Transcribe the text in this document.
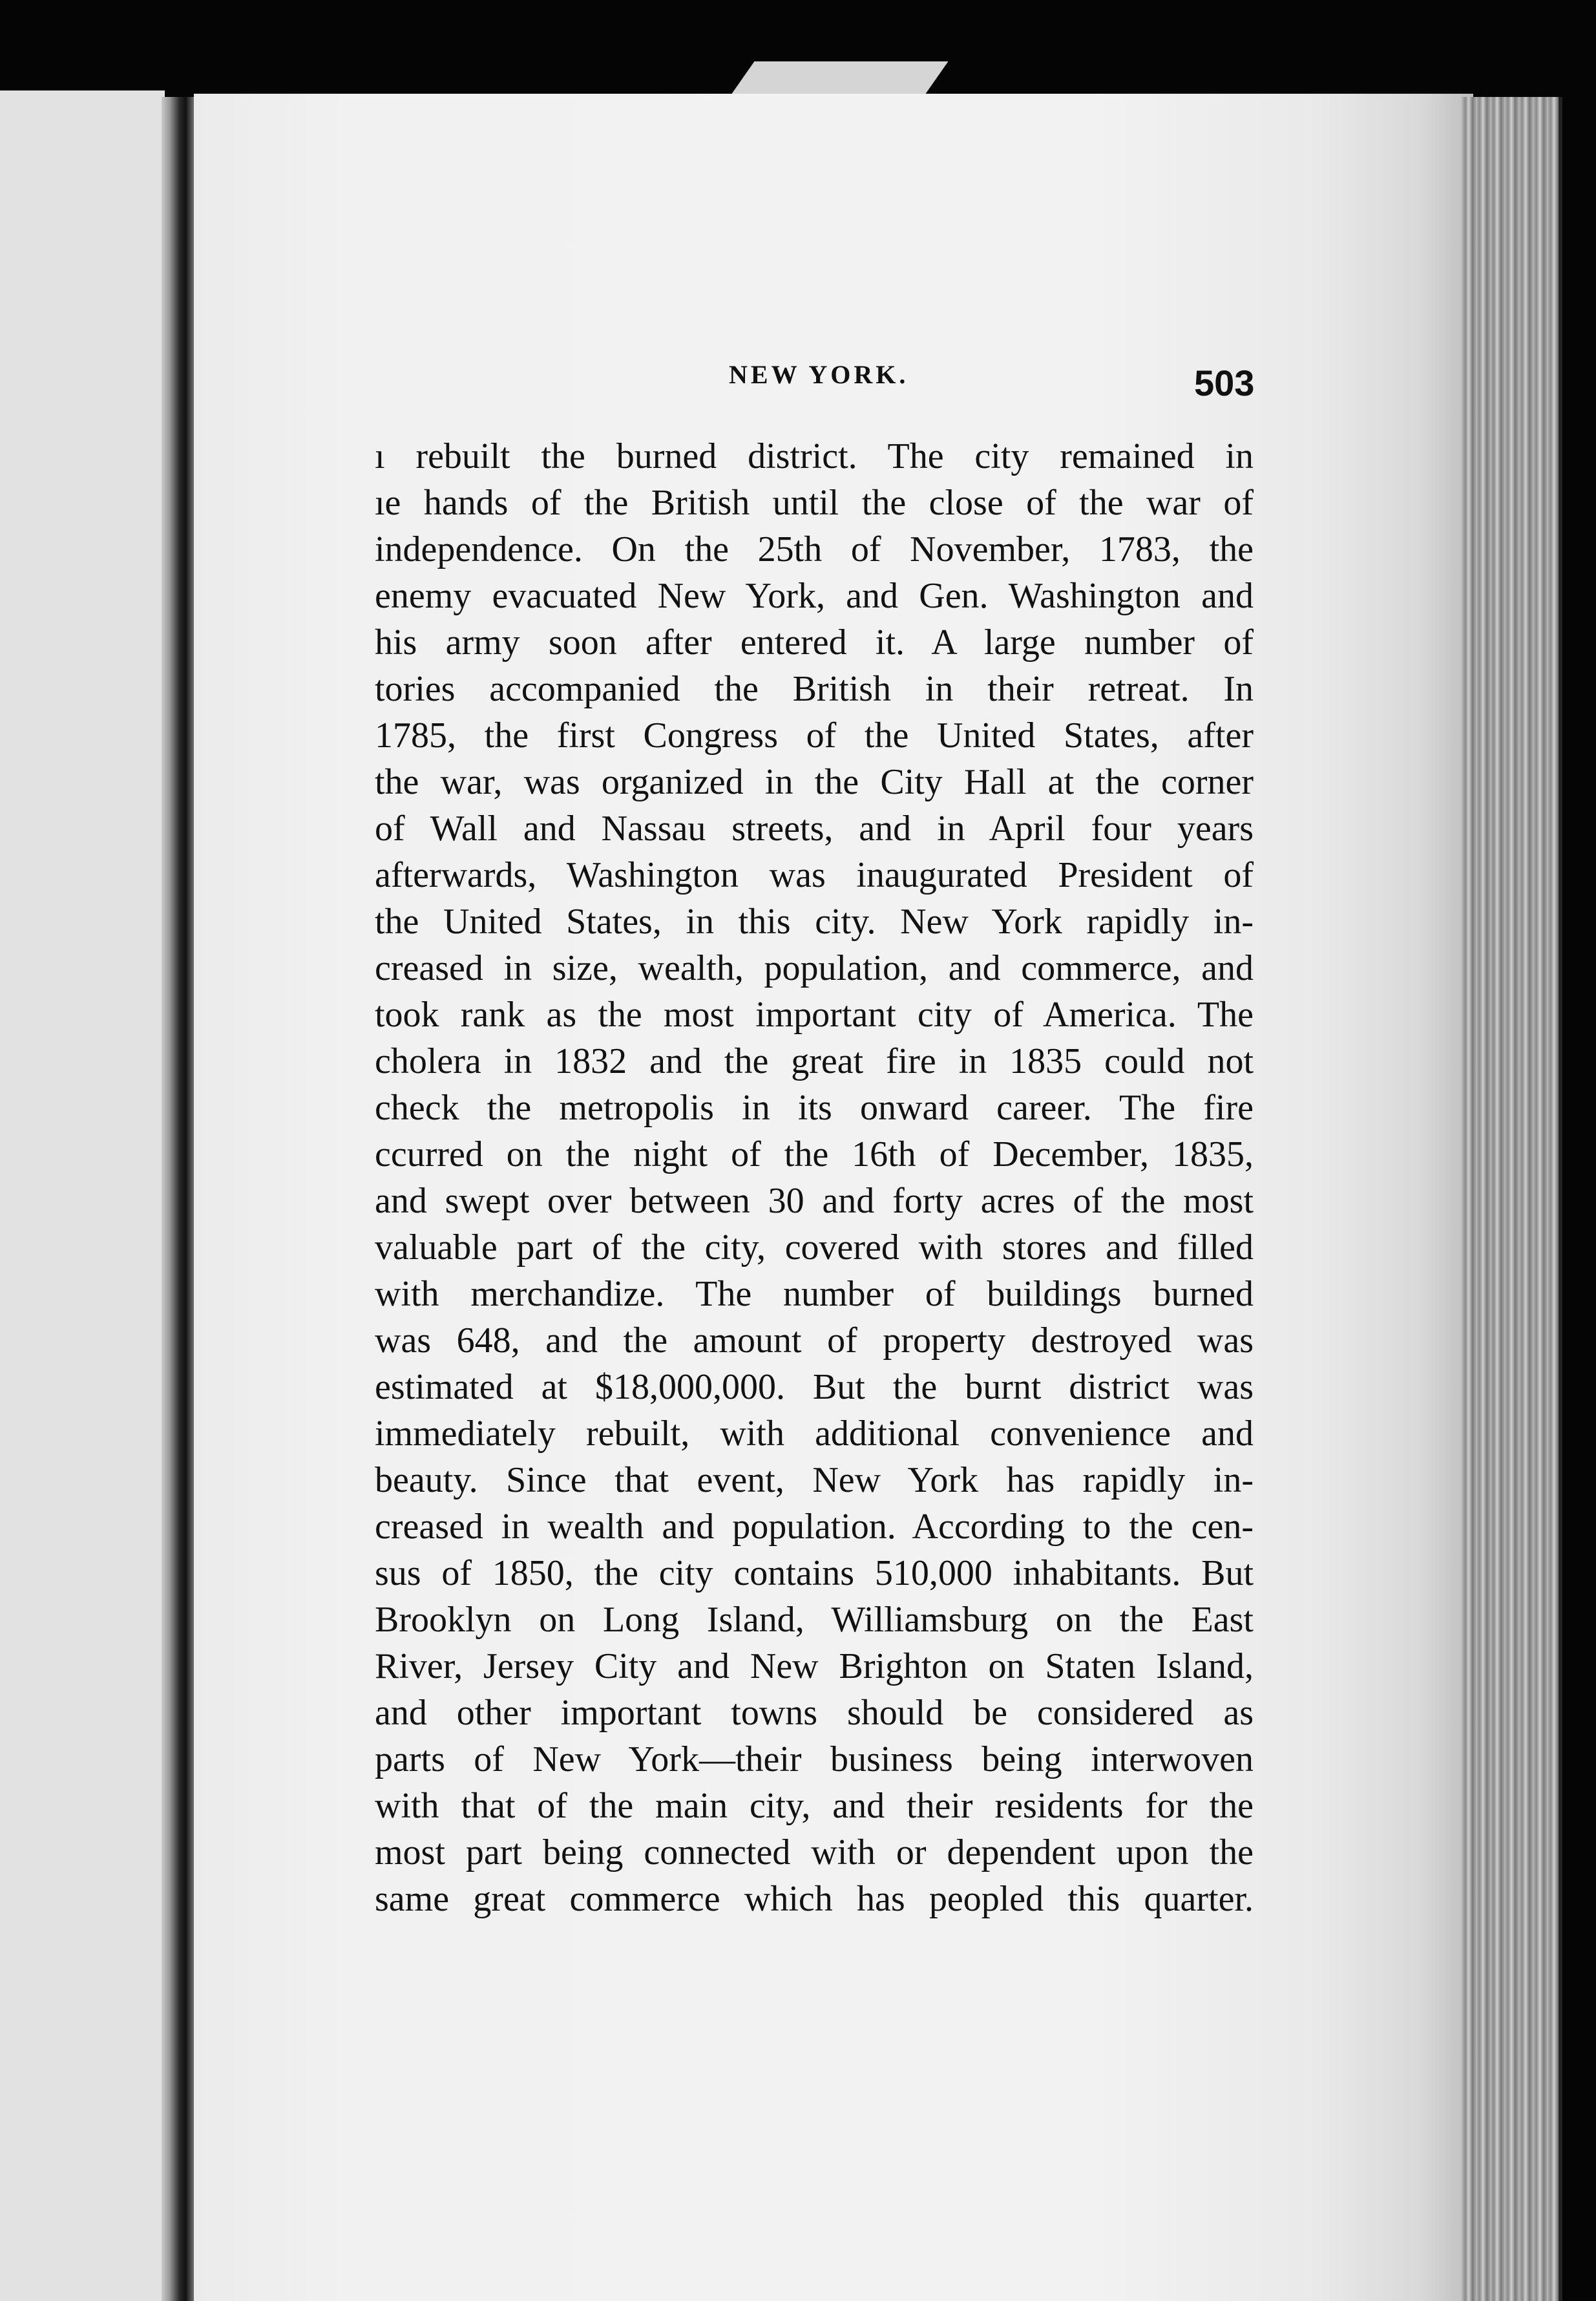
NEW YORK.	503
ı rebuilt the burned district. The city remained in
ıe hands of the British until the close of the war of
independence. On the 25th of November, 1783, the
enemy evacuated New York, and Gen. Washington and
his army soon after entered it. A large number of
tories accompanied the British in their retreat. In
1785, the first Congress of the United States, after
the war, was organized in the City Hall at the corner
of Wall and Nassau streets, and in April four years
afterwards, Washington was inaugurated President of
the United States, in this city. New York rapidly in-
creased in size, wealth, population, and commerce, and
took rank as the most important city of America. The
cholera in 1832 and the great fire in 1835 could not
check the metropolis in its onward career. The fire
ccurred on the night of the 16th of December, 1835,
and swept over between 30 and forty acres of the most
valuable part of the city, covered with stores and filled
with merchandize. The number of buildings burned
was 648, and the amount of property destroyed was
estimated at $18,000,000. But the burnt district was
immediately rebuilt, with additional convenience and
beauty. Since that event, New York has rapidly in-
creased in wealth and population. According to the cen-
sus of 1850, the city contains 510,000 inhabitants. But
Brooklyn on Long Island, Williamsburg on the East
River, Jersey City and New Brighton on Staten Island,
and other important towns should be considered as
parts of New York—their business being interwoven
with that of the main city, and their residents for the
most part being connected with or dependent upon the
same great commerce which has peopled this quarter.
